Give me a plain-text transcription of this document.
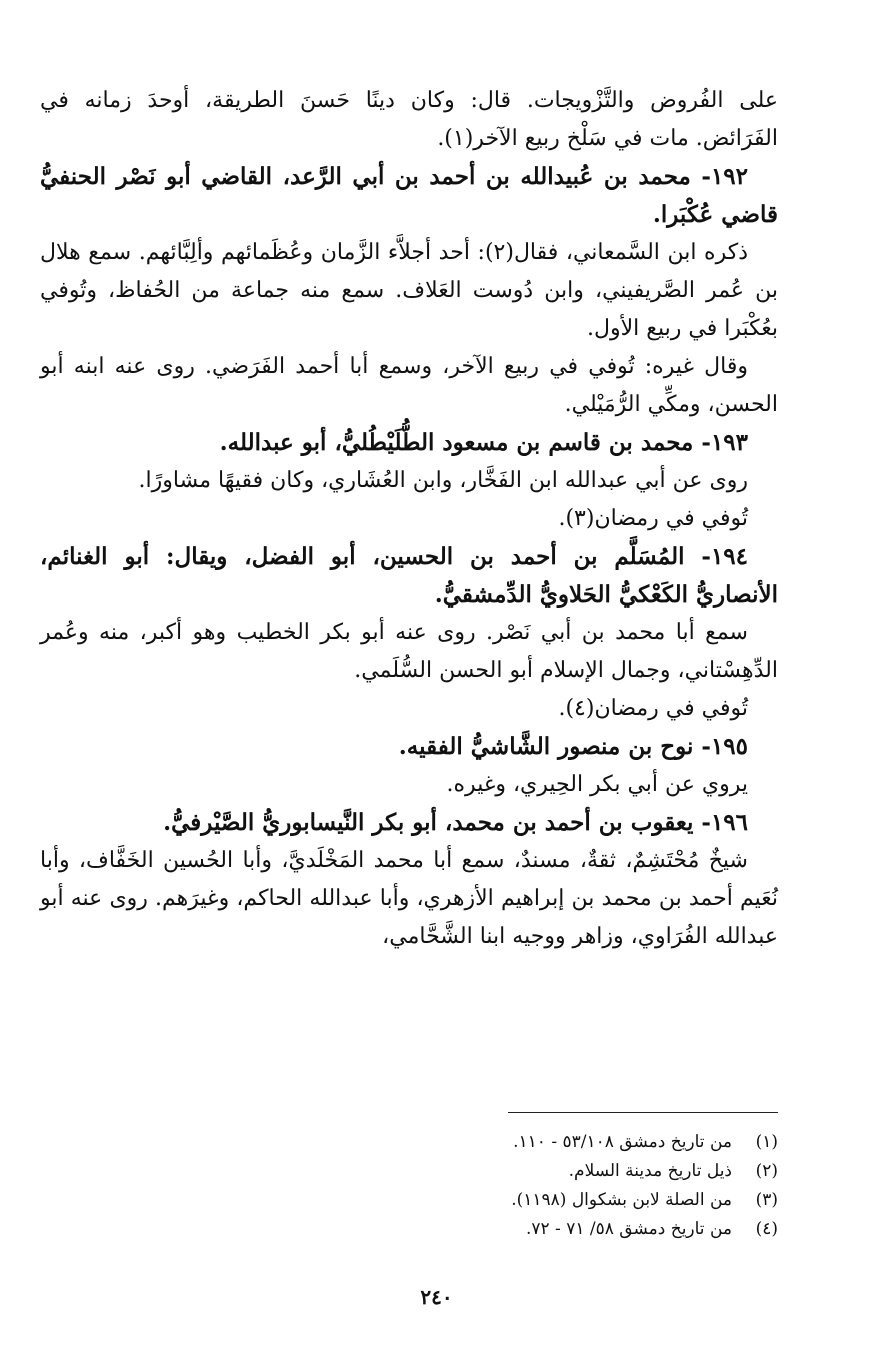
على الفُروض والتَّزْويجات. قال: وكان دينًا حَسنَ الطريقة، أوحدَ زمانه في الفَرَائض. مات في سَلْخ ربيع الآخر(١).

١٩٢- محمد بن عُبيدالله بن أحمد بن أبي الرَّعد، القاضي أبو نَصْر الحنفيُّ قاضي عُكْبَرا.

ذكره ابن السَّمعاني، فقال(٢): أحد أجلاَّء الزَّمان وعُظَمائهم وألِبَّائهم. سمع هلال بن عُمر الصَّريفيني، وابن دُوست العَلاف. سمع منه جماعة من الحُفاظ، وتُوفي بعُكْبَرا في ربيع الأول.

وقال غيره: تُوفي في ربيع الآخر، وسمع أبا أحمد الفَرَضي. روى عنه ابنه أبو الحسن، ومكِّي الرُّمَيْلي.

١٩٣- محمد بن قاسم بن مسعود الطُّلَيْطُليُّ، أبو عبدالله.

روى عن أبي عبدالله ابن الفَخَّار، وابن العُشَاري، وكان فقيهًا مشاورًا.

تُوفي في رمضان(٣).

١٩٤- المُسَلَّم بن أحمد بن الحسين، أبو الفضل، ويقال: أبو الغنائم، الأنصاريُّ الكَعْكيُّ الحَلاويُّ الدِّمشقيُّ.

سمع أبا محمد بن أبي نَصْر. روى عنه أبو بكر الخطيب وهو أكبر، منه وعُمر الدِّهِسْتاني، وجمال الإسلام أبو الحسن السُّلَمي.

تُوفي في رمضان(٤).

١٩٥- نوح بن منصور الشَّاشيُّ الفقيه.

يروي عن أبي بكر الحِيري، وغيره.

١٩٦- يعقوب بن أحمد بن محمد، أبو بكر النَّيسابوريُّ الصَّيْرفيُّ.

شيخٌ مُحْتَشِمٌ، ثقةٌ، مسندٌ، سمع أبا محمد المَخْلَديَّ، وأبا الحُسين الخَفَّاف، وأبا نُعَيم أحمد بن محمد بن إبراهيم الأزهري، وأبا عبدالله الحاكم، وغيرَهم. روى عنه أبو عبدالله الفُرَاوي، وزاهر ووجيه ابنا الشَّحَّامي،

(١)من تاريخ دمشق ٥٣/١٠٨ - ١١٠.

(٢)ذيل تاريخ مدينة السلام.

(٣)من الصلة لابن بشكوال (١١٩٨).

(٤)من تاريخ دمشق ٥٨/ ٧١ - ٧٢.

٢٤٠
